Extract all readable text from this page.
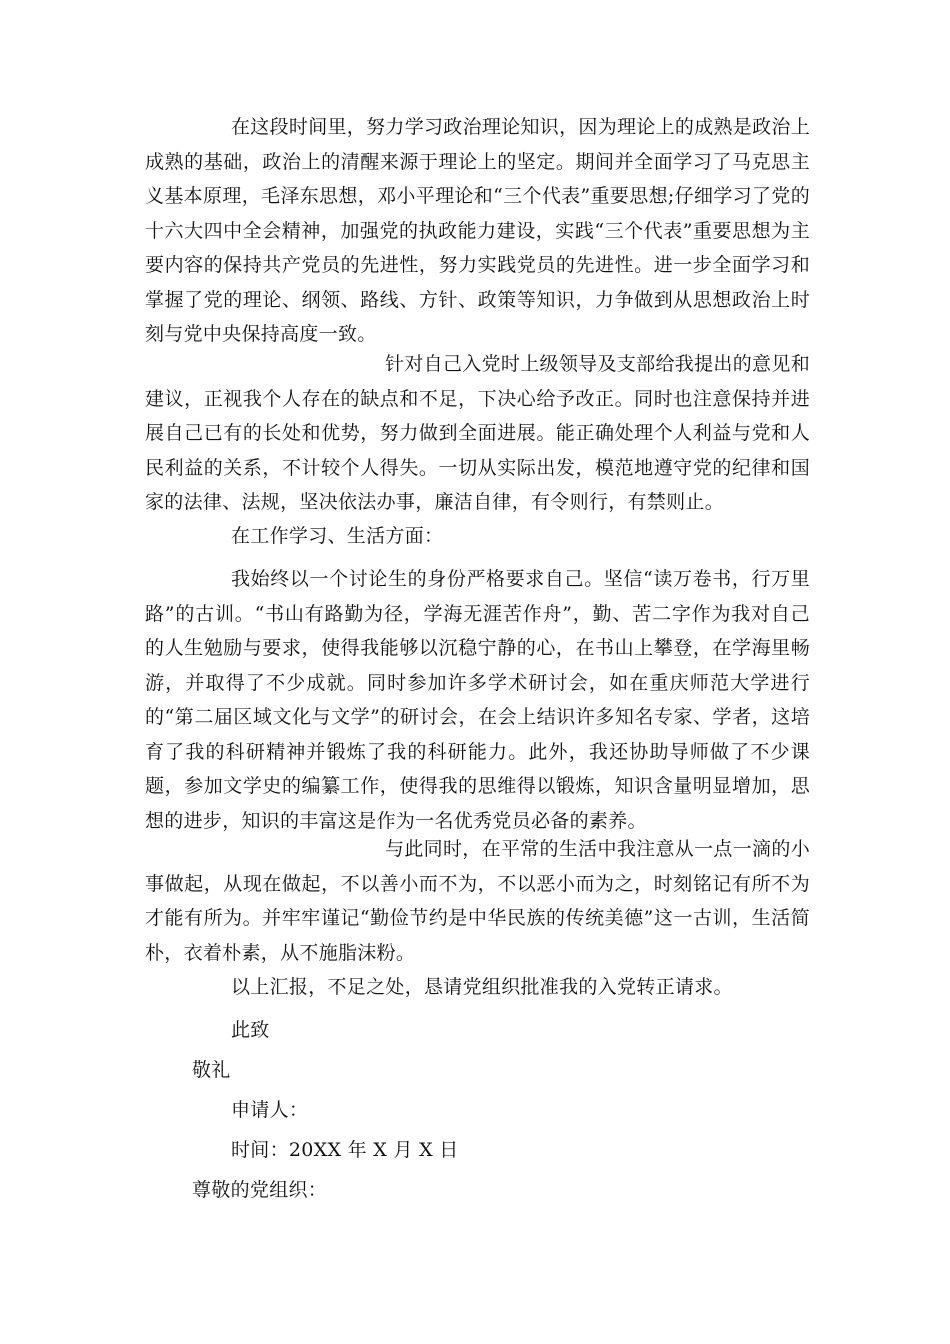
在这段时间里，努力学习政治理论知识，因为理论上的成熟是政治上成熟的基础，政治上的清醒来源于理论上的坚定。期间并全面学习了马克思主义基本原理，毛泽东思想，邓小平理论和“三个代表”重要思想;仔细学习了党的十六大四中全会精神，加强党的执政能力建设，实践“三个代表”重要思想为主要内容的保持共产党员的先进性，努力实践党员的先进性。进一步全面学习和掌握了党的理论、纲领、路线、方针、政策等知识，力争做到从思想政治上时刻与党中央保持高度一致。

针对自己入党时上级领导及支部给我提出的意见和建议，正视我个人存在的缺点和不足，下决心给予改正。同时也注意保持并进展自己已有的长处和优势，努力做到全面进展。能正确处理个人利益与党和人民利益的关系，不计较个人得失。一切从实际出发，模范地遵守党的纪律和国家的法律、法规，坚决依法办事，廉洁自律，有令则行，有禁则止。

在工作学习、生活方面：

我始终以一个讨论生的身份严格要求自己。坚信“读万卷书，行万里路”的古训。“书山有路勤为径，学海无涯苦作舟”，勤、苦二字作为我对自己的人生勉励与要求，使得我能够以沉稳宁静的心，在书山上攀登，在学海里畅游，并取得了不少成就。同时参加许多学术研讨会，如在重庆师范大学进行的“第二届区域文化与文学”的研讨会，在会上结识许多知名专家、学者，这培育了我的科研精神并锻炼了我的科研能力。此外，我还协助导师做了不少课题，参加文学史的编纂工作，使得我的思维得以锻炼，知识含量明显增加，思想的进步，知识的丰富这是作为一名优秀党员必备的素养。

与此同时，在平常的生活中我注意从一点一滴的小事做起，从现在做起，不以善小而不为，不以恶小而为之，时刻铭记有所不为才能有所为。并牢牢谨记“勤俭节约是中华民族的传统美德”这一古训，生活简朴，衣着朴素，从不施脂沫粉。

以上汇报，不足之处，恳请党组织批准我的入党转正请求。

此致

敬礼

申请人：

时间：20XX 年 X 月 X 日

尊敬的党组织：
